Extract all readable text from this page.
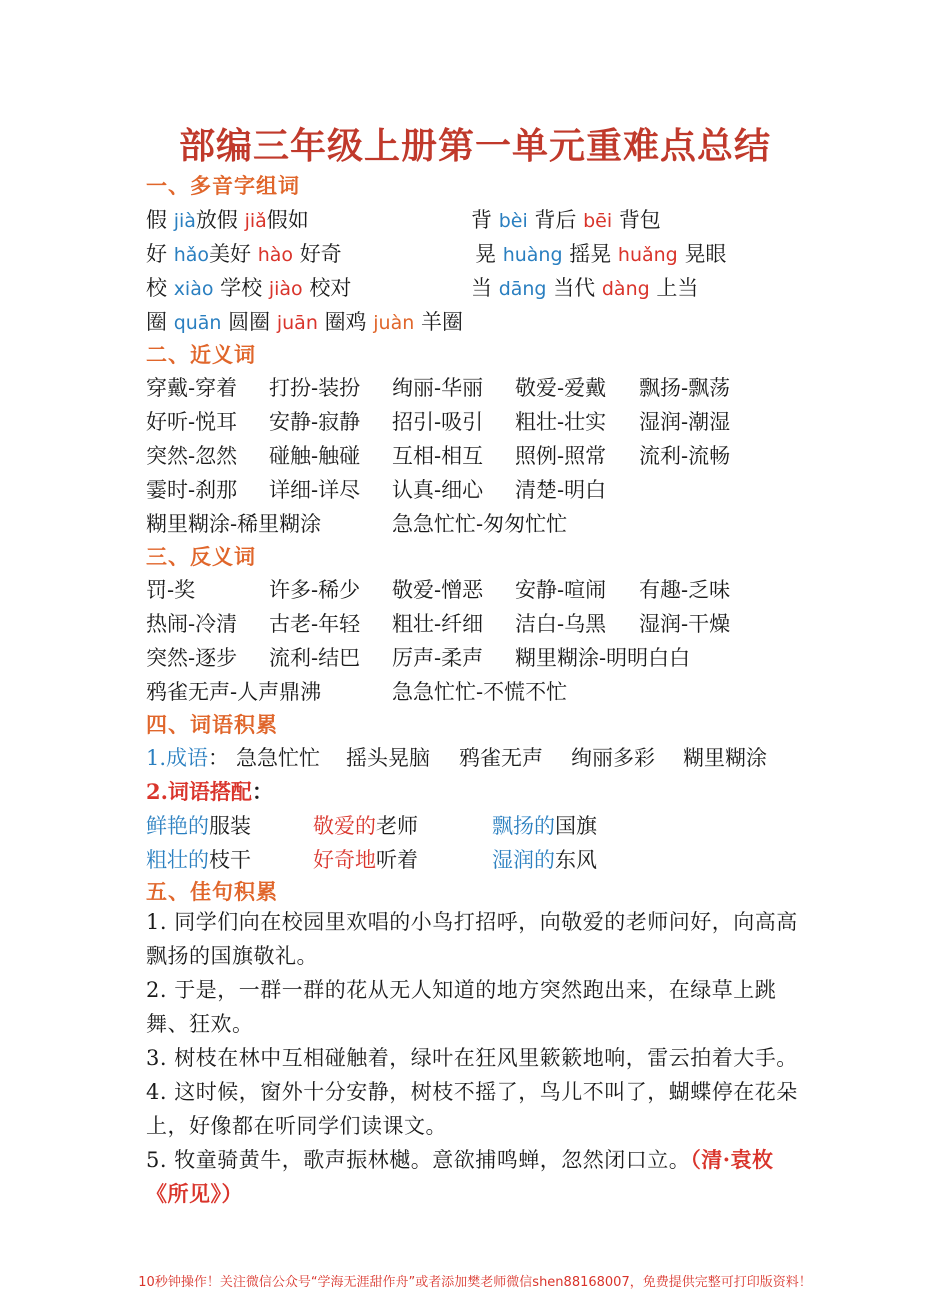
部编三年级上册第一单元重难点总结
一、多音字组词
假 jià放假 jiǎ假如	背 bèi 背后 bēi 背包
好 hǎo美好 hào 好奇	晃 huàng 摇晃 huǎng 晃眼
校 xiào 学校 jiào 校对	当 dāng 当代 dàng 上当
圈 quān 圆圈 juān 圈鸡 juàn 羊圈
二、近义词
穿戴-穿着 打扮-装扮 绚丽-华丽 敬爱-爱戴 飘扬-飘荡
好听-悦耳 安静-寂静 招引-吸引 粗壮-壮实 湿润-潮湿
突然-忽然 碰触-触碰 互相-相互 照例-照常 流利-流畅
霎时-刹那 详细-详尽 认真-细心 清楚-明白
糊里糊涂-稀里糊涂	急急忙忙-匆匆忙忙
三、反义词
罚-奖	许多-稀少 敬爱-憎恶 安静-喧闹 有趣-乏味
热闹-冷清 古老-年轻 粗壮-纤细 洁白-乌黑 湿润-干燥
突然-逐步 流利-结巴 厉声-柔声 糊里糊涂-明明白白
鸦雀无声-人声鼎沸	急急忙忙-不慌不忙
四、词语积累
1.成语： 急急忙忙 摇头晃脑 鸦雀无声 绚丽多彩 糊里糊涂
2.词语搭配：
鲜艳的服装	敬爱的老师	飘扬的国旗
粗壮的枝干	好奇地听着	湿润的东风
五、佳句积累
1. 同学们向在校园里欢唱的小鸟打招呼，向敬爱的老师问好，向高高飘扬的国旗敬礼。
2. 于是，一群一群的花从无人知道的地方突然跑出来，在绿草上跳舞、狂欢。
3. 树枝在林中互相碰触着，绿叶在狂风里簌簌地响，雷云拍着大手。
4. 这时候，窗外十分安静，树枝不摇了，鸟儿不叫了，蝴蝶停在花朵上，好像都在听同学们读课文。
5. 牧童骑黄牛，歌声振林樾。意欲捕鸣蝉，忽然闭口立。（清·袁枚《所见》）
10秒钟操作！关注微信公众号“学海无涯甜作舟”或者添加樊老师微信shen88168007，免费提供完整可打印版资料！
